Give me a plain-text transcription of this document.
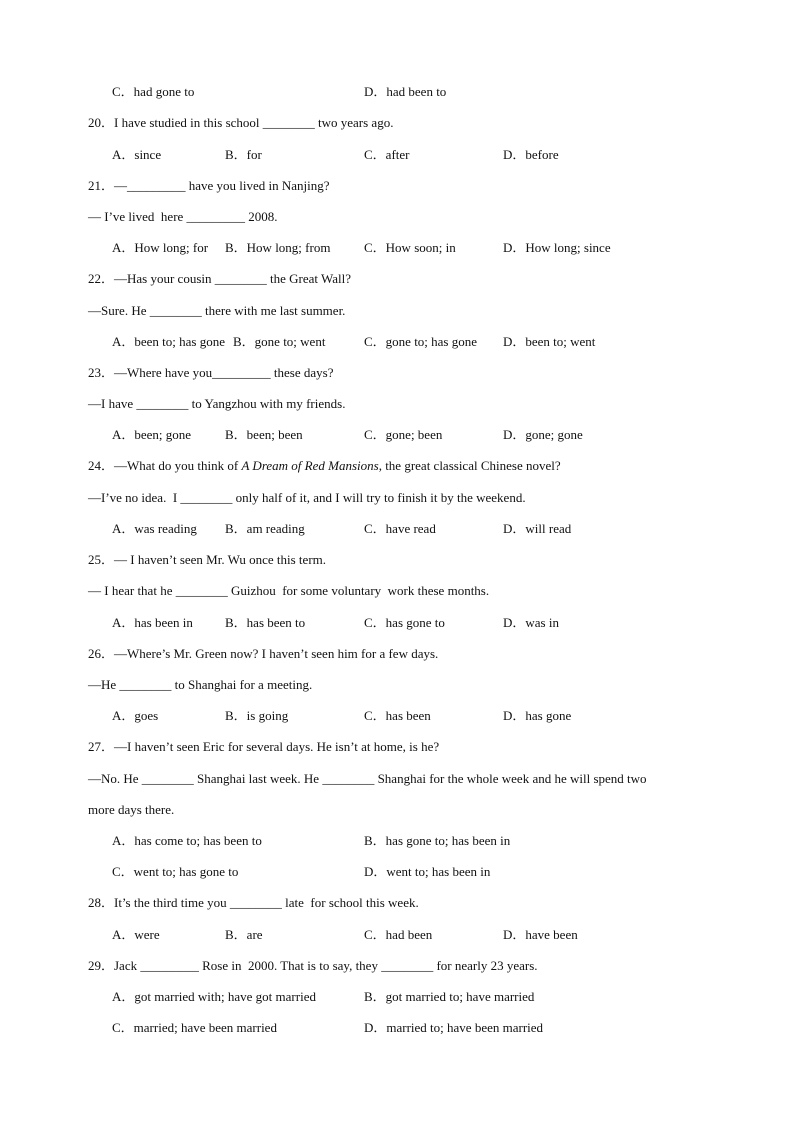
C．had gone to	D．had been to
20．I have studied in this school ________ two years ago.
A．since	B．for	C．after	D．before
21．—_________ have you lived in Nanjing?
— I’ve lived  here _________ 2008.
A．How long; for B．How long; from	C．How soon; in	D．How long; since
22．—Has your cousin ________ the Great Wall?
—Sure. He ________ there with me last summer.
A．been to; has gone B．gone to; went	C．gone to; has gone D．been to; went
23．—Where have you_________ these days?
—I have ________ to Yangzhou with my friends.
A．been; gone	B．been; been	C．gone; been	D．gone; gone
24．—What do you think of A Dream of Red Mansions, the great classical Chinese novel?
—I’ve no idea.  I ________ only half of it, and I will try to finish it by the weekend.
A．was reading B．am reading	C．have read	D．will read
25．— I haven’t seen Mr. Wu once this term.
— I hear that he ________ Guizhou  for some voluntary  work these months.
A．has been in B．has been to	C．has gone to	D．was in
26．—Where’s Mr. Green now? I haven’t seen him for a few days.
—He ________ to Shanghai for a meeting.
A．goes	B．is going	C．has been	D．has gone
27．—I haven’t seen Eric for several days. He isn’t at home, is he?
—No. He ________ Shanghai last week. He ________ Shanghai for the whole week and he will spend two
more days there.
A．has come to; has been to	B．has gone to; has been in
C．went to; has gone to	D．went to; has been in
28．It’s the third time you ________ late  for school this week.
A．were	B．are	C．had been	D．have been
29．Jack _________ Rose in  2000. That is to say, they ________ for nearly 23 years.
A．got married with; have got married	B．got married to; have married
C．married; have been married	D．married to; have been married
